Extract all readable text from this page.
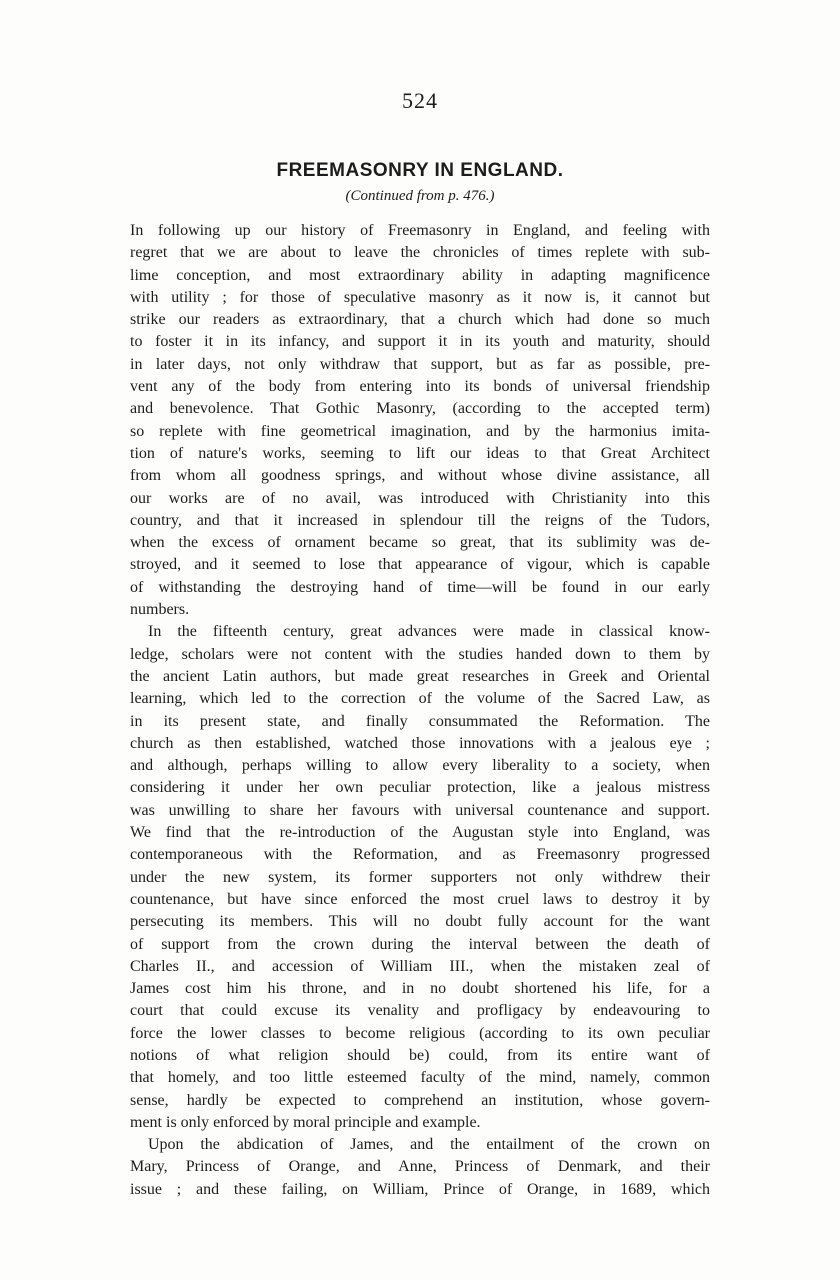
524
FREEMASONRY IN ENGLAND.
(Continued from p. 476.)
In following up our history of Freemasonry in England, and feeling with
regret that we are about to leave the chronicles of times replete with sub-
lime conception, and most extraordinary ability in adapting magnificence
with utility ; for those of speculative masonry as it now is, it cannot but
strike our readers as extraordinary, that a church which had done so much
to foster it in its infancy, and support it in its youth and maturity, should
in later days, not only withdraw that support, but as far as possible, pre-
vent any of the body from entering into its bonds of universal friendship
and benevolence. That Gothic Masonry, (according to the accepted term)
so replete with fine geometrical imagination, and by the harmonius imita-
tion of nature's works, seeming to lift our ideas to that Great Architect
from whom all goodness springs, and without whose divine assistance, all
our works are of no avail, was introduced with Christianity into this
country, and that it increased in splendour till the reigns of the Tudors,
when the excess of ornament became so great, that its sublimity was de-
stroyed, and it seemed to lose that appearance of vigour, which is capable
of withstanding the destroying hand of time—will be found in our early
numbers.
In the fifteenth century, great advances were made in classical know-
ledge, scholars were not content with the studies handed down to them by
the ancient Latin authors, but made great researches in Greek and Oriental
learning, which led to the correction of the volume of the Sacred Law, as
in its present state, and finally consummated the Reformation. The
church as then established, watched those innovations with a jealous eye ;
and although, perhaps willing to allow every liberality to a society, when
considering it under her own peculiar protection, like a jealous mistress
was unwilling to share her favours with universal countenance and support.
We find that the re-introduction of the Augustan style into England, was
contemporaneous with the Reformation, and as Freemasonry progressed
under the new system, its former supporters not only withdrew their
countenance, but have since enforced the most cruel laws to destroy it by
persecuting its members. This will no doubt fully account for the want
of support from the crown during the interval between the death of
Charles II., and accession of William III., when the mistaken zeal of
James cost him his throne, and in no doubt shortened his life, for a
court that could excuse its venality and profligacy by endeavouring to
force the lower classes to become religious (according to its own peculiar
notions of what religion should be) could, from its entire want of
that homely, and too little esteemed faculty of the mind, namely, common
sense, hardly be expected to comprehend an institution, whose govern-
ment is only enforced by moral principle and example.
Upon the abdication of James, and the entailment of the crown on
Mary, Princess of Orange, and Anne, Princess of Denmark, and their
issue ; and these failing, on William, Prince of Orange, in 1689, which
